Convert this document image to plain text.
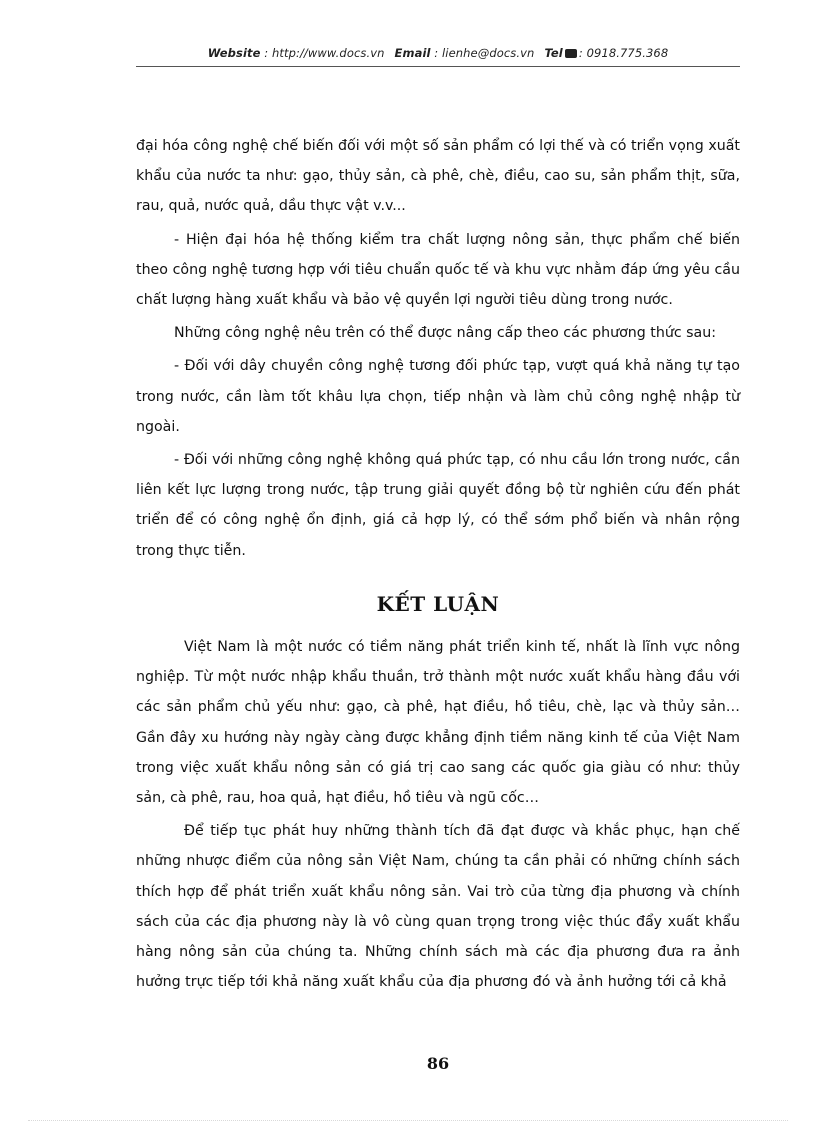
Website : http://www.docs.vn Email : lienhe@docs.vn Tel : 0918.775.368

đại hóa công nghệ chế biến đối với một số sản phẩm có lợi thế và có triển vọng xuất khẩu của nước ta như: gạo, thủy sản, cà phê, chè, điều, cao su, sản phẩm thịt, sữa, rau, quả, nước quả, dầu thực vật v.v...

- Hiện đại hóa hệ thống kiểm tra chất lượng nông sản, thực phẩm chế biến theo công nghệ tương hợp với tiêu chuẩn quốc tế và khu vực nhằm đáp ứng yêu cầu chất lượng hàng xuất khẩu và bảo vệ quyền lợi người tiêu dùng trong nước.

Những công nghệ nêu trên có thể được nâng cấp theo các phương thức sau:

- Đối với dây chuyền công nghệ tương đối phức tạp, vượt quá khả năng tự tạo trong nước, cần làm tốt khâu lựa chọn, tiếp nhận và làm chủ công nghệ nhập từ ngoài.

- Đối với những công nghệ không quá phức tạp, có nhu cầu lớn trong nước, cần liên kết lực lượng trong nước, tập trung giải quyết đồng bộ từ nghiên cứu đến phát triển để có công nghệ ổn định, giá cả hợp lý, có thể sớm phổ biến và nhân rộng trong thực tiễn.

KẾT LUẬN

Việt Nam là một nước có tiềm năng phát triển kinh tế, nhất là lĩnh vực nông nghiệp. Từ một nước nhập khẩu thuần, trở thành một nước xuất khẩu hàng đầu với các sản phẩm chủ yếu như: gạo, cà phê, hạt điều, hồ tiêu, chè, lạc và thủy sản… Gần đây xu hướng này ngày càng được khẳng định tiềm năng kinh tế của Việt Nam trong việc xuất khẩu nông sản có giá trị cao sang các quốc gia giàu có như: thủy sản, cà phê, rau, hoa quả, hạt điều, hồ tiêu và ngũ cốc…

Để tiếp tục phát huy những thành tích đã đạt được và khắc phục, hạn chế những nhược điểm của nông sản Việt Nam, chúng ta cần phải có những chính sách thích hợp để phát triển xuất khẩu nông sản. Vai trò của từng địa phương và chính sách của các địa phương này là vô cùng quan trọng trong việc thúc đẩy xuất khẩu hàng nông sản của chúng ta. Những chính sách mà các địa phương đưa ra ảnh hưởng trực tiếp tới khả năng xuất khẩu của địa phương đó và ảnh hưởng tới cả khả

86
